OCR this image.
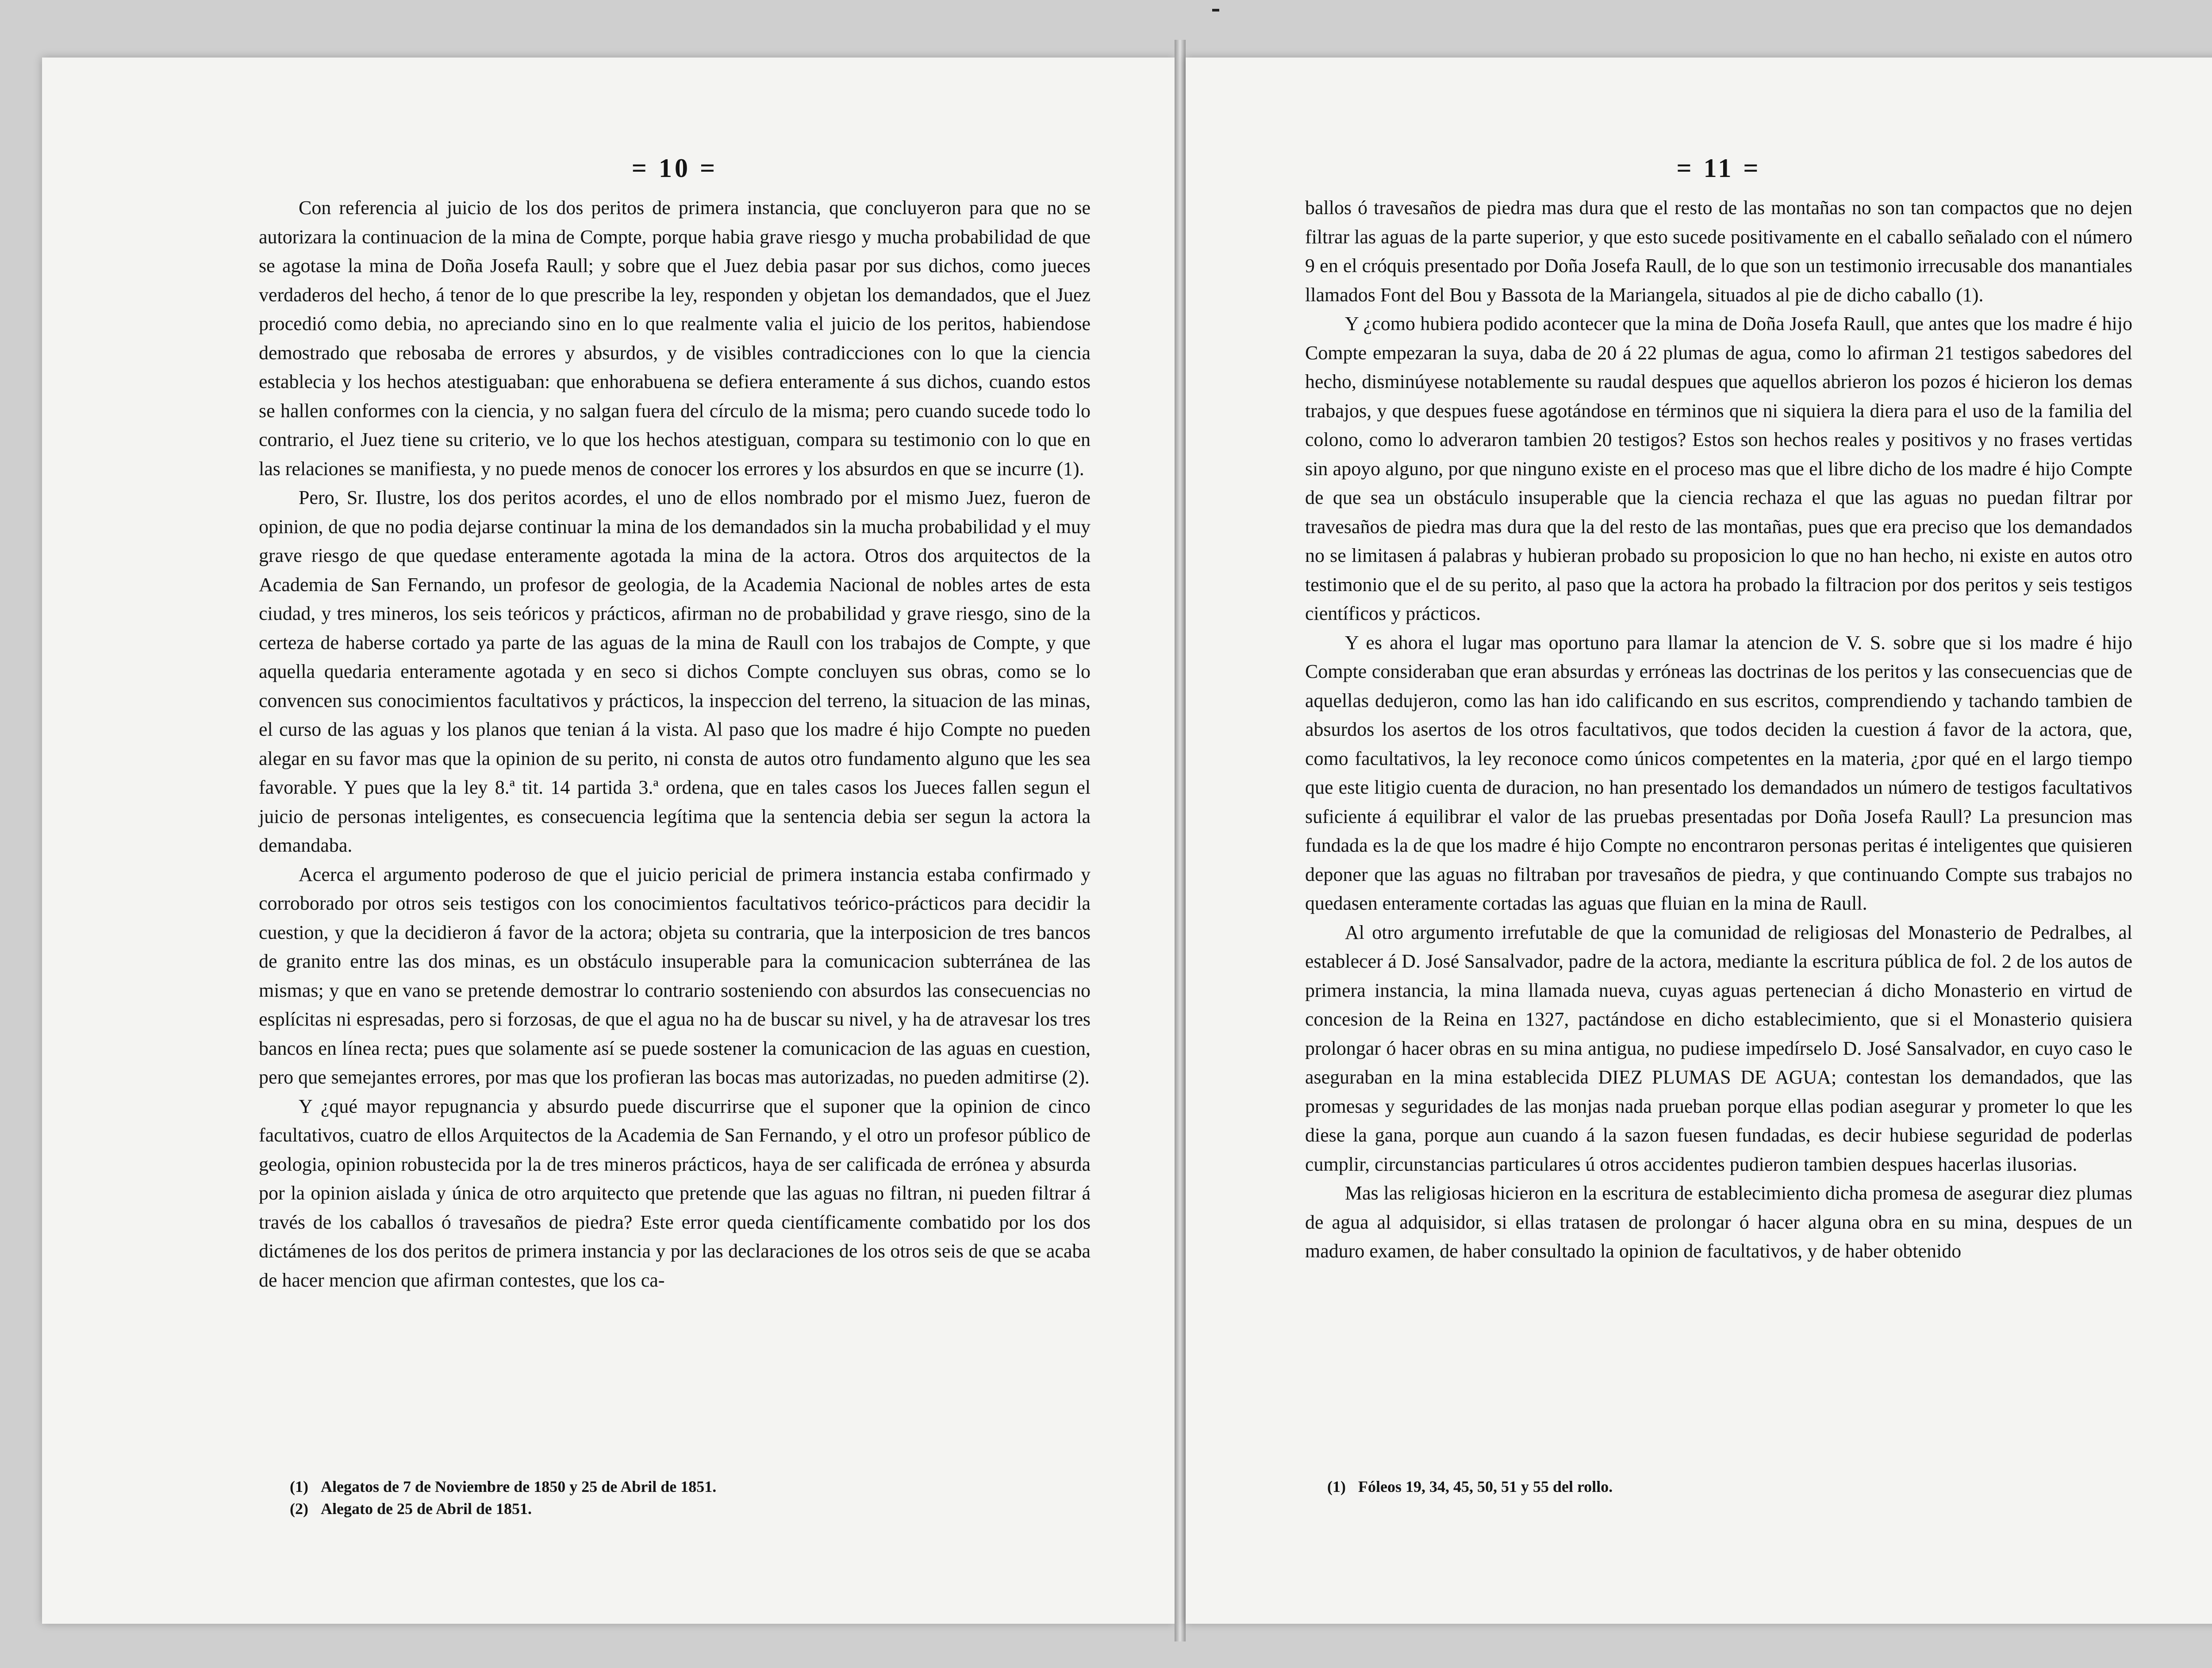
= 10 =

Con referencia al juicio de los dos peritos de primera instancia, que concluyeron para que no se autorizara la continuacion de la mina de Compte, porque habia grave riesgo y mucha probabilidad de que se agotase la mina de Doña Josefa Raull; y sobre que el Juez debia pasar por sus dichos, como jueces verdaderos del hecho, á tenor de lo que prescribe la ley, responden y objetan los demandados, que el Juez procedió como debia, no apreciando sino en lo que realmente valia el juicio de los peritos, habiendose demostrado que rebosaba de errores y absurdos, y de visibles contradicciones con lo que la ciencia establecia y los hechos atestiguaban: que enhorabuena se defiera enteramente á sus dichos, cuando estos se hallen conformes con la ciencia, y no salgan fuera del círculo de la misma; pero cuando sucede todo lo contrario, el Juez tiene su criterio, ve lo que los hechos atestiguan, compara su testimonio con lo que en las relaciones se manifiesta, y no puede menos de conocer los errores y los absurdos en que se incurre (1).

Pero, Sr. Ilustre, los dos peritos acordes, el uno de ellos nombrado por el mismo Juez, fueron de opinion, de que no podia dejarse continuar la mina de los demandados sin la mucha probabilidad y el muy grave riesgo de que quedase enteramente agotada la mina de la actora. Otros dos arquitectos de la Academia de San Fernando, un profesor de geologia, de la Academia Nacional de nobles artes de esta ciudad, y tres mineros, los seis teóricos y prácticos, afirman no de probabilidad y grave riesgo, sino de la certeza de haberse cortado ya parte de las aguas de la mina de Raull con los trabajos de Compte, y que aquella quedaria enteramente agotada y en seco si dichos Compte concluyen sus obras, como se lo convencen sus conocimientos facultativos y prácticos, la inspeccion del terreno, la situacion de las minas, el curso de las aguas y los planos que tenian á la vista. Al paso que los madre é hijo Compte no pueden alegar en su favor mas que la opinion de su perito, ni consta de autos otro fundamento alguno que les sea favorable. Y pues que la ley 8.ª tit. 14 partida 3.ª ordena, que en tales casos los Jueces fallen segun el juicio de personas inteligentes, es consecuencia legítima que la sentencia debia ser segun la actora la demandaba.

Acerca el argumento poderoso de que el juicio pericial de primera instancia estaba confirmado y corroborado por otros seis testigos con los conocimientos facultativos teórico-prácticos para decidir la cuestion, y que la decidieron á favor de la actora; objeta su contraria, que la interposicion de tres bancos de granito entre las dos minas, es un obstáculo insuperable para la comunicacion subterránea de las mismas; y que en vano se pretende demostrar lo contrario sosteniendo con absurdos las consecuencias no esplícitas ni espresadas, pero si forzosas, de que el agua no ha de buscar su nivel, y ha de atravesar los tres bancos en línea recta; pues que solamente así se puede sostener la comunicacion de las aguas en cuestion, pero que semejantes errores, por mas que los profieran las bocas mas autorizadas, no pueden admitirse (2).

Y ¿qué mayor repugnancia y absurdo puede discurrirse que el suponer que la opinion de cinco facultativos, cuatro de ellos Arquitectos de la Academia de San Fernando, y el otro un profesor público de geologia, opinion robustecida por la de tres mineros prácticos, haya de ser calificada de errónea y absurda por la opinion aislada y única de otro arquitecto que pretende que las aguas no filtran, ni pueden filtrar á través de los caballos ó travesaños de piedra? Este error queda científicamente combatido por los dos dictámenes de los dos peritos de primera instancia y por las declaraciones de los otros seis de que se acaba de hacer mencion que afirman contestes, que los ca-

(1) Alegatos de 7 de Noviembre de 1850 y 25 de Abril de 1851.
(2) Alegato de 25 de Abril de 1851.
= 11 =

ballos ó travesaños de piedra mas dura que el resto de las montañas no son tan compactos que no dejen filtrar las aguas de la parte superior, y que esto sucede positivamente en el caballo señalado con el número 9 en el cróquis presentado por Doña Josefa Raull, de lo que son un testimonio irrecusable dos manantiales llamados Font del Bou y Bassota de la Mariangela, situados al pie de dicho caballo (1).

Y ¿como hubiera podido acontecer que la mina de Doña Josefa Raull, que antes que los madre é hijo Compte empezaran la suya, daba de 20 á 22 plumas de agua, como lo afirman 21 testigos sabedores del hecho, disminúyese notablemente su raudal despues que aquellos abrieron los pozos é hicieron los demas trabajos, y que despues fuese agotándose en términos que ni siquiera la diera para el uso de la familia del colono, como lo adveraron tambien 20 testigos? Estos son hechos reales y positivos y no frases vertidas sin apoyo alguno, por que ninguno existe en el proceso mas que el libre dicho de los madre é hijo Compte de que sea un obstáculo insuperable que la ciencia rechaza el que las aguas no puedan filtrar por travesaños de piedra mas dura que la del resto de las montañas, pues que era preciso que los demandados no se limitasen á palabras y hubieran probado su proposicion lo que no han hecho, ni existe en autos otro testimonio que el de su perito, al paso que la actora ha probado la filtracion por dos peritos y seis testigos científicos y prácticos.

Y es ahora el lugar mas oportuno para llamar la atencion de V. S. sobre que si los madre é hijo Compte consideraban que eran absurdas y erróneas las doctrinas de los peritos y las consecuencias que de aquellas dedujeron, como las han ido calificando en sus escritos, comprendiendo y tachando tambien de absurdos los asertos de los otros facultativos, que todos deciden la cuestion á favor de la actora, que, como facultativos, la ley reconoce como únicos competentes en la materia, ¿por qué en el largo tiempo que este litigio cuenta de duracion, no han presentado los demandados un número de testigos facultativos suficiente á equilibrar el valor de las pruebas presentadas por Doña Josefa Raull? La presuncion mas fundada es la de que los madre é hijo Compte no encontraron personas peritas é inteligentes que quisieren deponer que las aguas no filtraban por travesaños de piedra, y que continuando Compte sus trabajos no quedasen enteramente cortadas las aguas que fluian en la mina de Raull.

Al otro argumento irrefutable de que la comunidad de religiosas del Monasterio de Pedralbes, al establecer á D. José Sansalvador, padre de la actora, mediante la escritura pública de fol. 2 de los autos de primera instancia, la mina llamada nueva, cuyas aguas pertenecian á dicho Monasterio en virtud de concesion de la Reina en 1327, pactándose en dicho establecimiento, que si el Monasterio quisiera prolongar ó hacer obras en su mina antigua, no pudiese impedírselo D. José Sansalvador, en cuyo caso le aseguraban en la mina establecida DIEZ PLUMAS DE AGUA; contestan los demandados, que las promesas y seguridades de las monjas nada prueban porque ellas podian asegurar y prometer lo que les diese la gana, porque aun cuando á la sazon fuesen fundadas, es decir hubiese seguridad de poderlas cumplir, circunstancias particulares ú otros accidentes pudieron tambien despues hacerlas ilusorias.

Mas las religiosas hicieron en la escritura de establecimiento dicha promesa de asegurar diez plumas de agua al adquisidor, si ellas tratasen de prolongar ó hacer alguna obra en su mina, despues de un maduro examen, de haber consultado la opinion de facultativos, y de haber obtenido

(1) Fóleos 19, 34, 45, 50, 51 y 55 del rollo.
